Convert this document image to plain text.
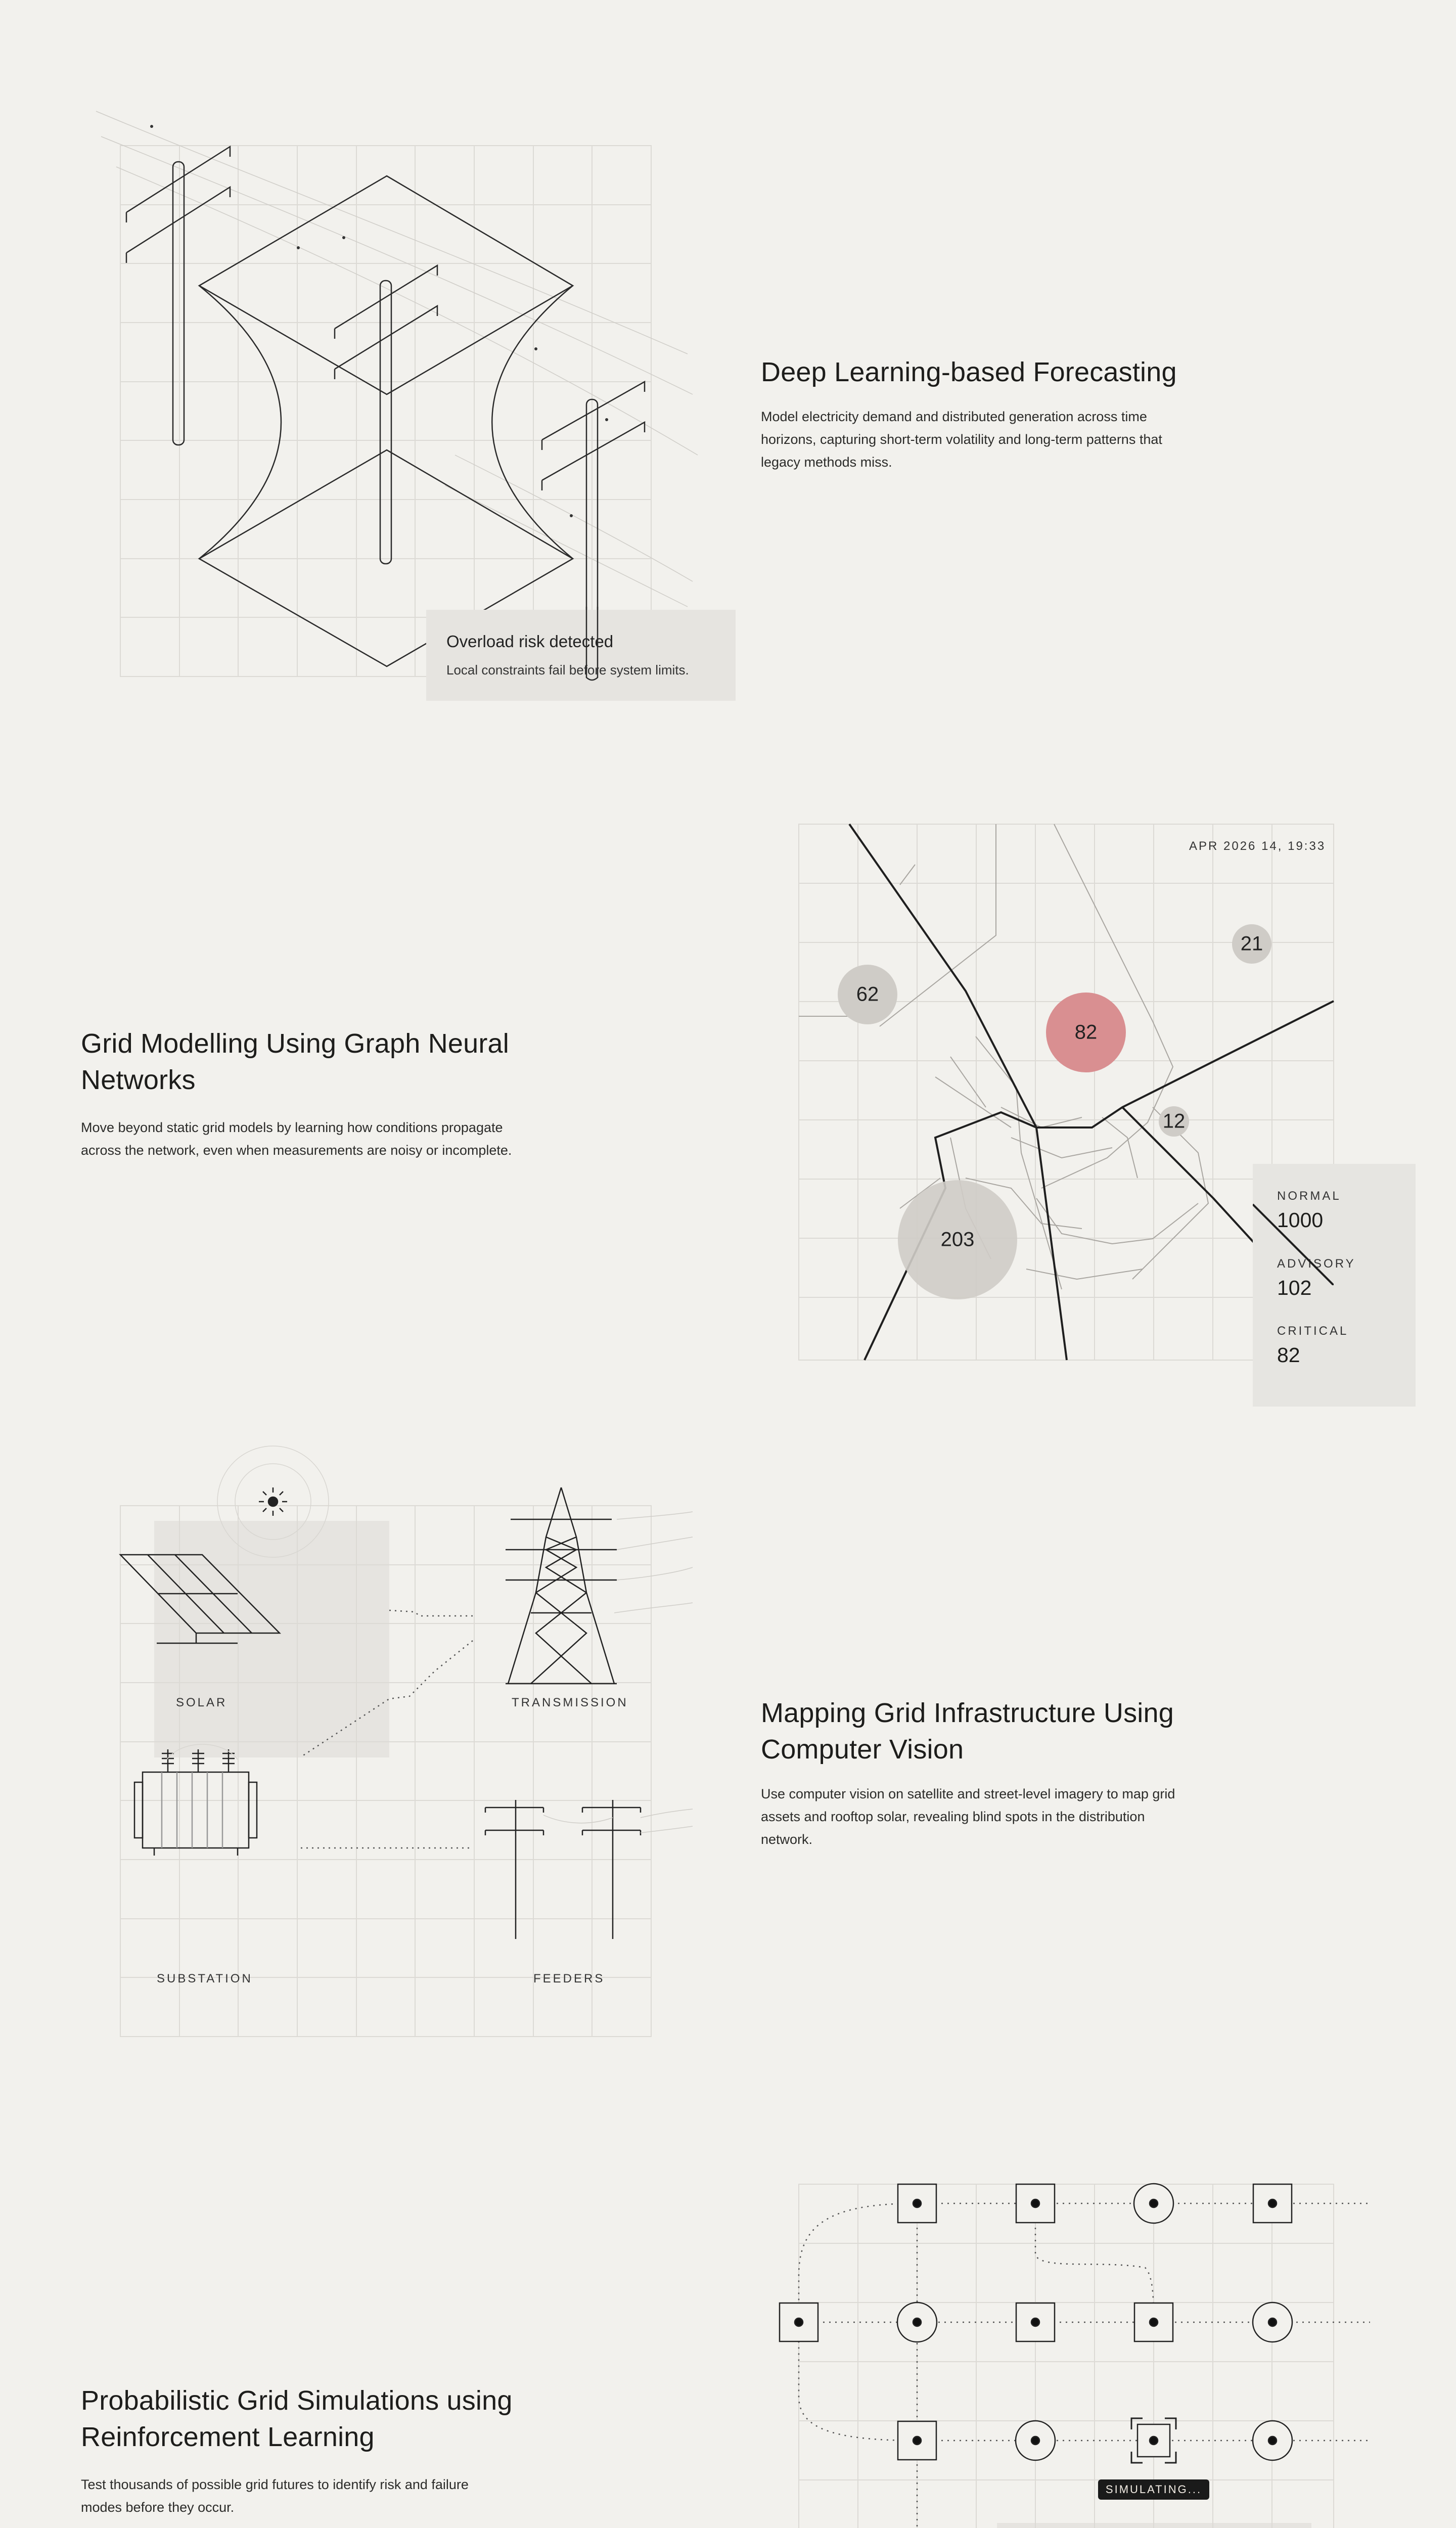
Overload risk detected
Local constraints fail before system limits.
Deep Learning-based Forecasting

Model electricity demand and distributed generation across time

horizons, capturing short-term volatility and long-term patterns that

legacy methods miss.

Grid Modelling Using Graph Neural
Networks

Move beyond static grid models by learning how conditions propagate

across the network, even when measurements are noisy or incomplete.

62
82
21
12
203
APR 2026 14, 19:33
NORMAL
1000
ADVISORY
102
CRITICAL
82
SOLAR	TRANSMISSION
SUBSTATION	FEEDERS
Mapping Grid Infrastructure Using
Computer Vision

Use computer vision on satellite and street-level imagery to map grid

assets and rooftop solar, revealing blind spots in the distribution

network.

Probabilistic Grid Simulations using
Reinforcement Learning

Test thousands of possible grid futures to identify risk and failure

modes before they occur.

SIMULATING...
